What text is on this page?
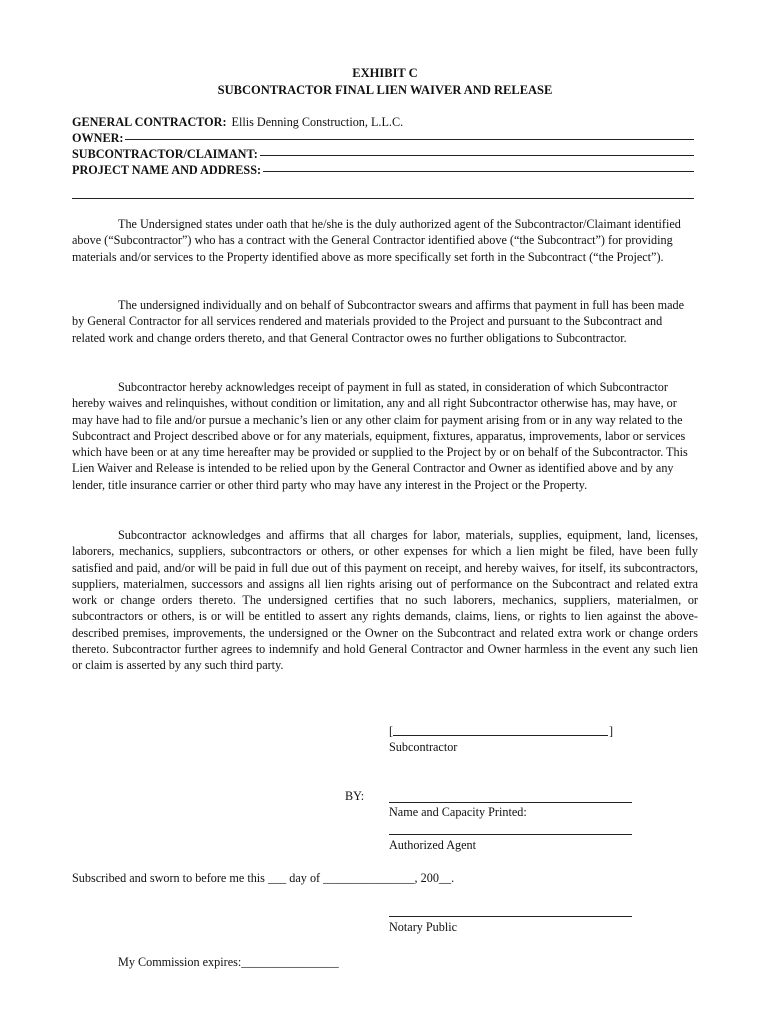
EXHIBIT C
SUBCONTRACTOR FINAL LIEN WAIVER AND RELEASE
GENERAL CONTRACTOR: Ellis Denning Construction, L.L.C.
OWNER:
SUBCONTRACTOR/CLAIMANT:
PROJECT NAME AND ADDRESS:

The Undersigned states under oath that he/she is the duly authorized agent of the Subcontractor/Claimant identified above (“Subcontractor”) who has a contract with the General Contractor identified above (“the Subcontract”) for providing materials and/or services to the Property identified above as more specifically set forth in the Subcontract (“the Project”).

The undersigned individually and on behalf of Subcontractor swears and affirms that payment in full has been made by General Contractor for all services rendered and materials provided to the Project and pursuant to the Subcontract and related work and change orders thereto, and that General Contractor owes no further obligations to Subcontractor.

Subcontractor hereby acknowledges receipt of payment in full as stated, in consideration of which Subcontractor hereby waives and relinquishes, without condition or limitation, any and all right Subcontractor otherwise has, may have, or may have had to file and/or pursue a mechanic’s lien or any other claim for payment arising from or in any way related to the Subcontract and Project described above or for any materials, equipment, fixtures, apparatus, improvements, labor or services which have been or at any time hereafter may be provided or supplied to the Project by or on behalf of the Subcontractor. This Lien Waiver and Release is intended to be relied upon by the General Contractor and Owner as identified above and by any lender, title insurance carrier or other third party who may have any interest in the Project or the Property.

Subcontractor acknowledges and affirms that all charges for labor, materials, supplies, equipment, land, licenses, laborers, mechanics, suppliers, subcontractors or others, or other expenses for which a lien might be filed, have been fully satisfied and paid, and/or will be paid in full due out of this payment on receipt, and hereby waives, for itself, its subcontractors, suppliers, materialmen, successors and assigns all lien rights arising out of performance on the Subcontract and related extra work or change orders thereto. The undersigned certifies that no such laborers, mechanics, suppliers, materialmen, or subcontractors or others, is or will be entitled to assert any rights demands, claims, liens, or rights to lien against the above-described premises, improvements, the undersigned or the Owner on the Subcontract and related extra work or change orders thereto. Subcontractor further agrees to indemnify and hold General Contractor and Owner harmless in the event any such lien or claim is asserted by any such third party.

[	]
Subcontractor
BY:
Name and Capacity Printed:
Authorized Agent
Subscribed and sworn to before me this ___ day of _______________, 200__.
Notary Public
My Commission expires:________________
